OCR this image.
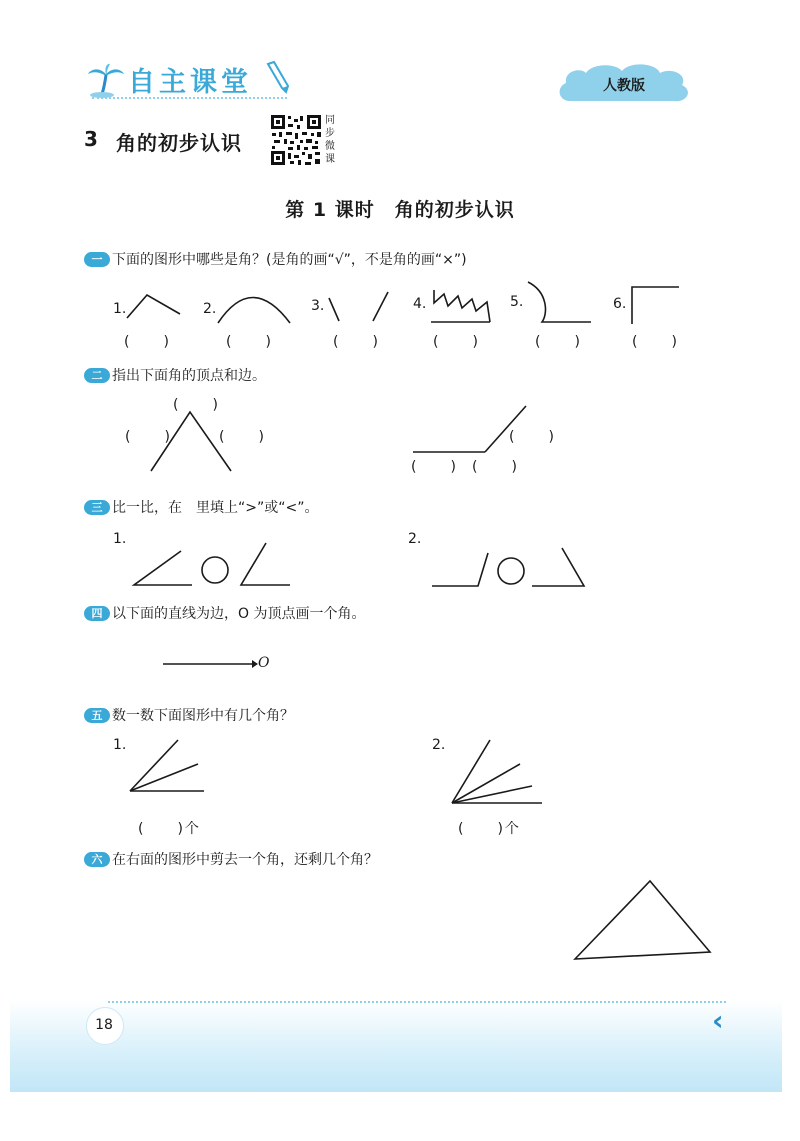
自主课堂	人教版
3 角的初步认识
同步微课
第 1 课时　角的初步认识
一 下面的图形中哪些是角？(是角的画“√”，不是角的画“×”)
1.	2.	3.	4.	5.	6.
(　　)	(　　)	(　　)	(　　)	(　　)	(　　)
二 指出下面角的顶点和边。
(　　)
(　　)	(　　)	(　　)
(　　) (　　)
三 比一比，在　里填上“>”或“<”。
1.	2.
四 以下面的直线为边，O 为顶点画一个角。
O
五 数一数下面图形中有几个角？
1.	2.
(　　)个	(　　)个
六 在右面的图形中剪去一个角，还剩几个角？
18	‹
